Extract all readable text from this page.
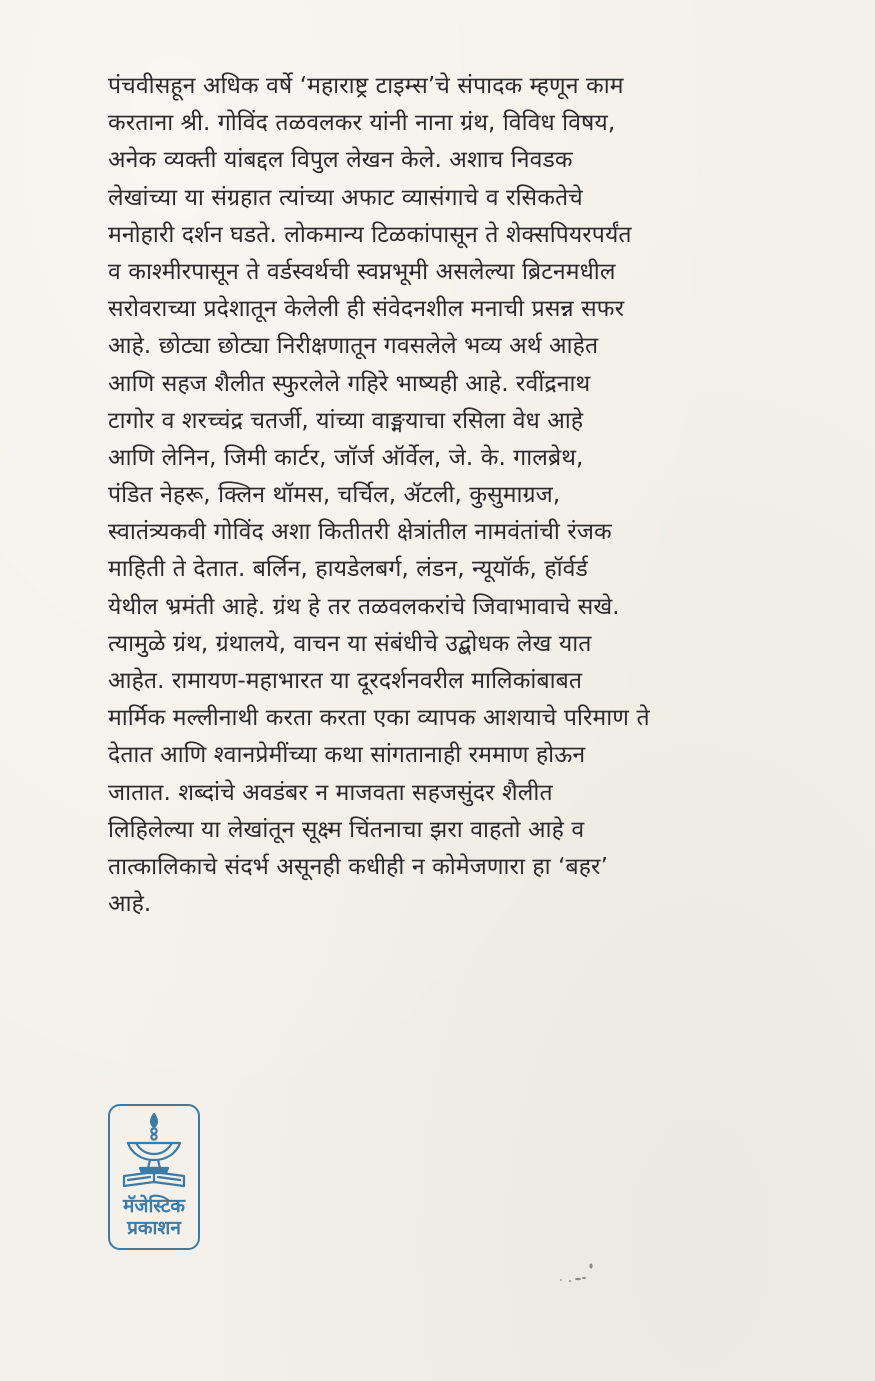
पंचवीसहून अधिक वर्षे ‘महाराष्ट्र टाइम्स’चे संपादक म्हणून काम
करताना श्री. गोविंद तळवलकर यांनी नाना ग्रंथ, विविध विषय,
अनेक व्यक्ती यांबद्दल विपुल लेखन केले. अशाच निवडक
लेखांच्या या संग्रहात त्यांच्या अफाट व्यासंगाचे व रसिकतेचे
मनोहारी दर्शन घडते. लोकमान्य टिळकांपासून ते शेक्सपियरपर्यंत
व काश्मीरपासून ते वर्डस्वर्थची स्वप्नभूमी असलेल्या ब्रिटनमधील
सरोवराच्या प्रदेशातून केलेली ही संवेदनशील मनाची प्रसन्न सफर
आहे. छोट्या छोट्या निरीक्षणातून गवसलेले भव्य अर्थ आहेत
आणि सहज शैलीत स्फुरलेले गहिरे भाष्यही आहे. रवींद्रनाथ
टागोर व शरच्चंद्र चतर्जी, यांच्या वाङ्मयाचा रसिला वेध आहे
आणि लेनिन, जिमी कार्टर, जॉर्ज ऑर्वेल, जे. के. गालब्रेथ,
पंडित नेहरू, क्लिन थॉमस, चर्चिल, ॲटली, कुसुमाग्रज,
स्वातंत्र्यकवी गोविंद अशा कितीतरी क्षेत्रांतील नामवंतांची रंजक
माहिती ते देतात. बर्लिन, हायडेलबर्ग, लंडन, न्यूयॉर्क, हॉर्वर्ड
येथील भ्रमंती आहे. ग्रंथ हे तर तळवलकरांचे जिवाभावाचे सखे.
त्यामुळे ग्रंथ, ग्रंथालये, वाचन या संबंधीचे उद्बोधक लेख यात
आहेत. रामायण-महाभारत या दूरदर्शनवरील मालिकांबाबत
मार्मिक मल्लीनाथी करता करता एका व्यापक आशयाचे परिमाण ते
देतात आणि श्वानप्रेमींच्या कथा सांगतानाही रममाण होऊन
जातात. शब्दांचे अवडंबर न माजवता सहजसुंदर शैलीत
लिहिलेल्या या लेखांतून सूक्ष्म चिंतनाचा झरा वाहतो आहे व
तात्कालिकाचे संदर्भ असूनही कधीही न कोमेजणारा हा ‘बहर’
आहे.
मॅजेस्टिक
प्रकाशन
